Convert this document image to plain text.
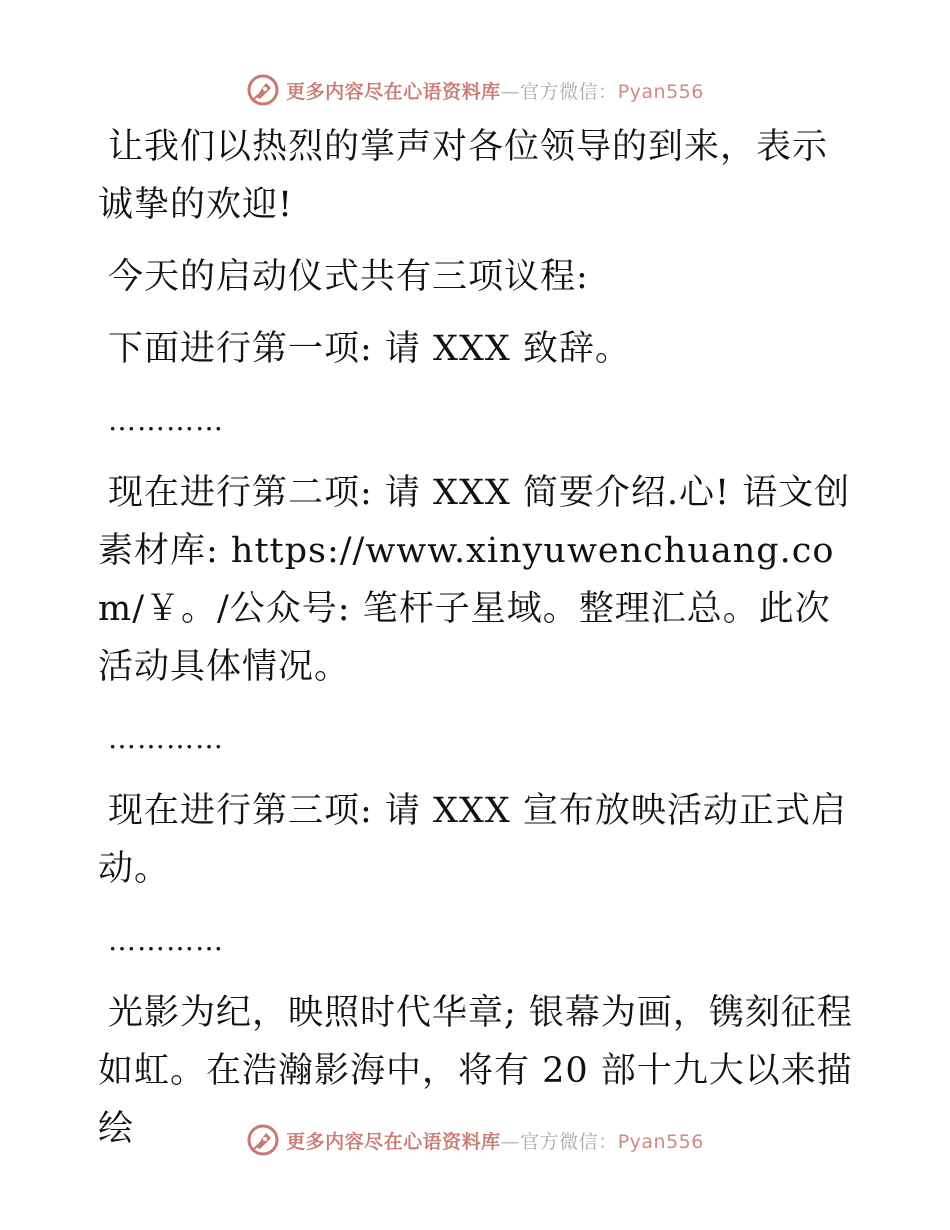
更多内容尽在心语资料库—官方微信：Pyan556

让我们以热烈的掌声对各位领导的到来，表示诚挚的欢迎!

今天的启动仪式共有三项议程:

下面进行第一项: 请 XXX 致辞。

…………

现在进行第二项: 请 XXX 简要介绍.心! 语文创素材库: https://www.xinyuwenchuang.com/￥。/公众号: 笔杆子星域。整理汇总。此次活动具体情况。

…………

现在进行第三项: 请 XXX 宣布放映活动正式启动。

…………

光影为纪，映照时代华章; 银幕为画，镌刻征程如虹。在浩瀚影海中，将有 20 部十九大以来描绘	更多内容尽在心语资料库—官方微信：Pyan556
